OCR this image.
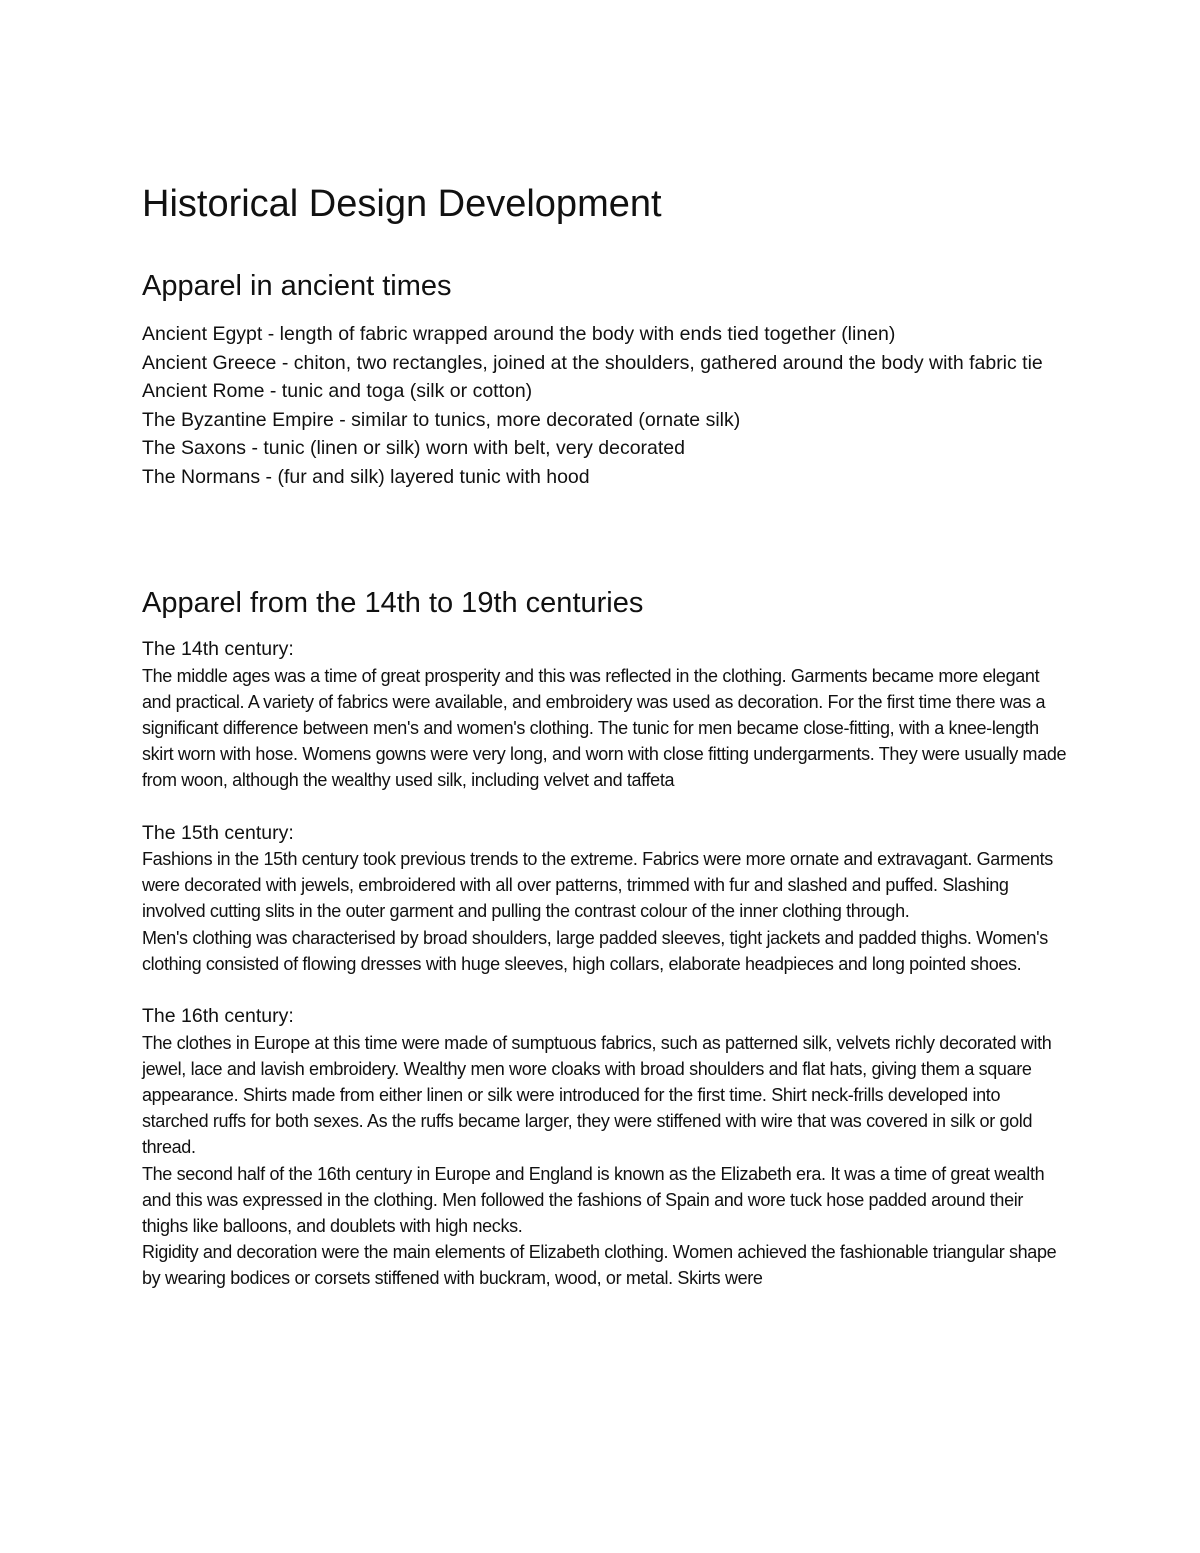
Historical Design Development
Apparel in ancient times
Ancient Egypt - length of fabric wrapped around the body with ends tied together (linen)
Ancient Greece - chiton, two rectangles, joined at the shoulders, gathered around the body with fabric tie
Ancient Rome - tunic and toga (silk or cotton)
The Byzantine Empire - similar to tunics, more decorated (ornate silk)
The Saxons - tunic (linen or silk) worn with belt, very decorated
The Normans - (fur and silk) layered tunic with hood
Apparel from the 14th to 19th centuries

The 14th century:

The middle ages was a time of great prosperity and this was reflected in the clothing. Garments became more elegant and practical. A variety of fabrics were available, and embroidery was used as decoration. For the first time there was a significant difference between men's and women's clothing. The tunic for men became close-fitting, with a knee-length skirt worn with hose. Womens gowns were very long, and worn with close fitting undergarments. They were usually made from woon, although the wealthy used silk, including velvet and taffeta

The 15th century:

Fashions in the 15th century took previous trends to the extreme. Fabrics were more ornate and extravagant. Garments were decorated with jewels, embroidered with all over patterns, trimmed with fur and slashed and puffed. Slashing involved cutting slits in the outer garment and pulling the contrast colour of the inner clothing through.

Men's clothing was characterised by broad shoulders, large padded sleeves, tight jackets and padded thighs. Women's clothing consisted of flowing dresses with huge sleeves, high collars, elaborate headpieces and long pointed shoes.

The 16th century:

The clothes in Europe at this time were made of sumptuous fabrics, such as patterned silk, velvets richly decorated with jewel, lace and lavish embroidery. Wealthy men wore cloaks with broad shoulders and flat hats, giving them a square appearance. Shirts made from either linen or silk were introduced for the first time. Shirt neck-frills developed into starched ruffs for both sexes. As the ruffs became larger, they were stiffened with wire that was covered in silk or gold thread.

The second half of the 16th century in Europe and England is known as the Elizabeth era. It was a time of great wealth and this was expressed in the clothing. Men followed the fashions of Spain and wore tuck hose padded around their thighs like balloons, and doublets with high necks.

Rigidity and decoration were the main elements of Elizabeth clothing. Women achieved the fashionable triangular shape by wearing bodices or corsets stiffened with buckram, wood, or metal. Skirts were
